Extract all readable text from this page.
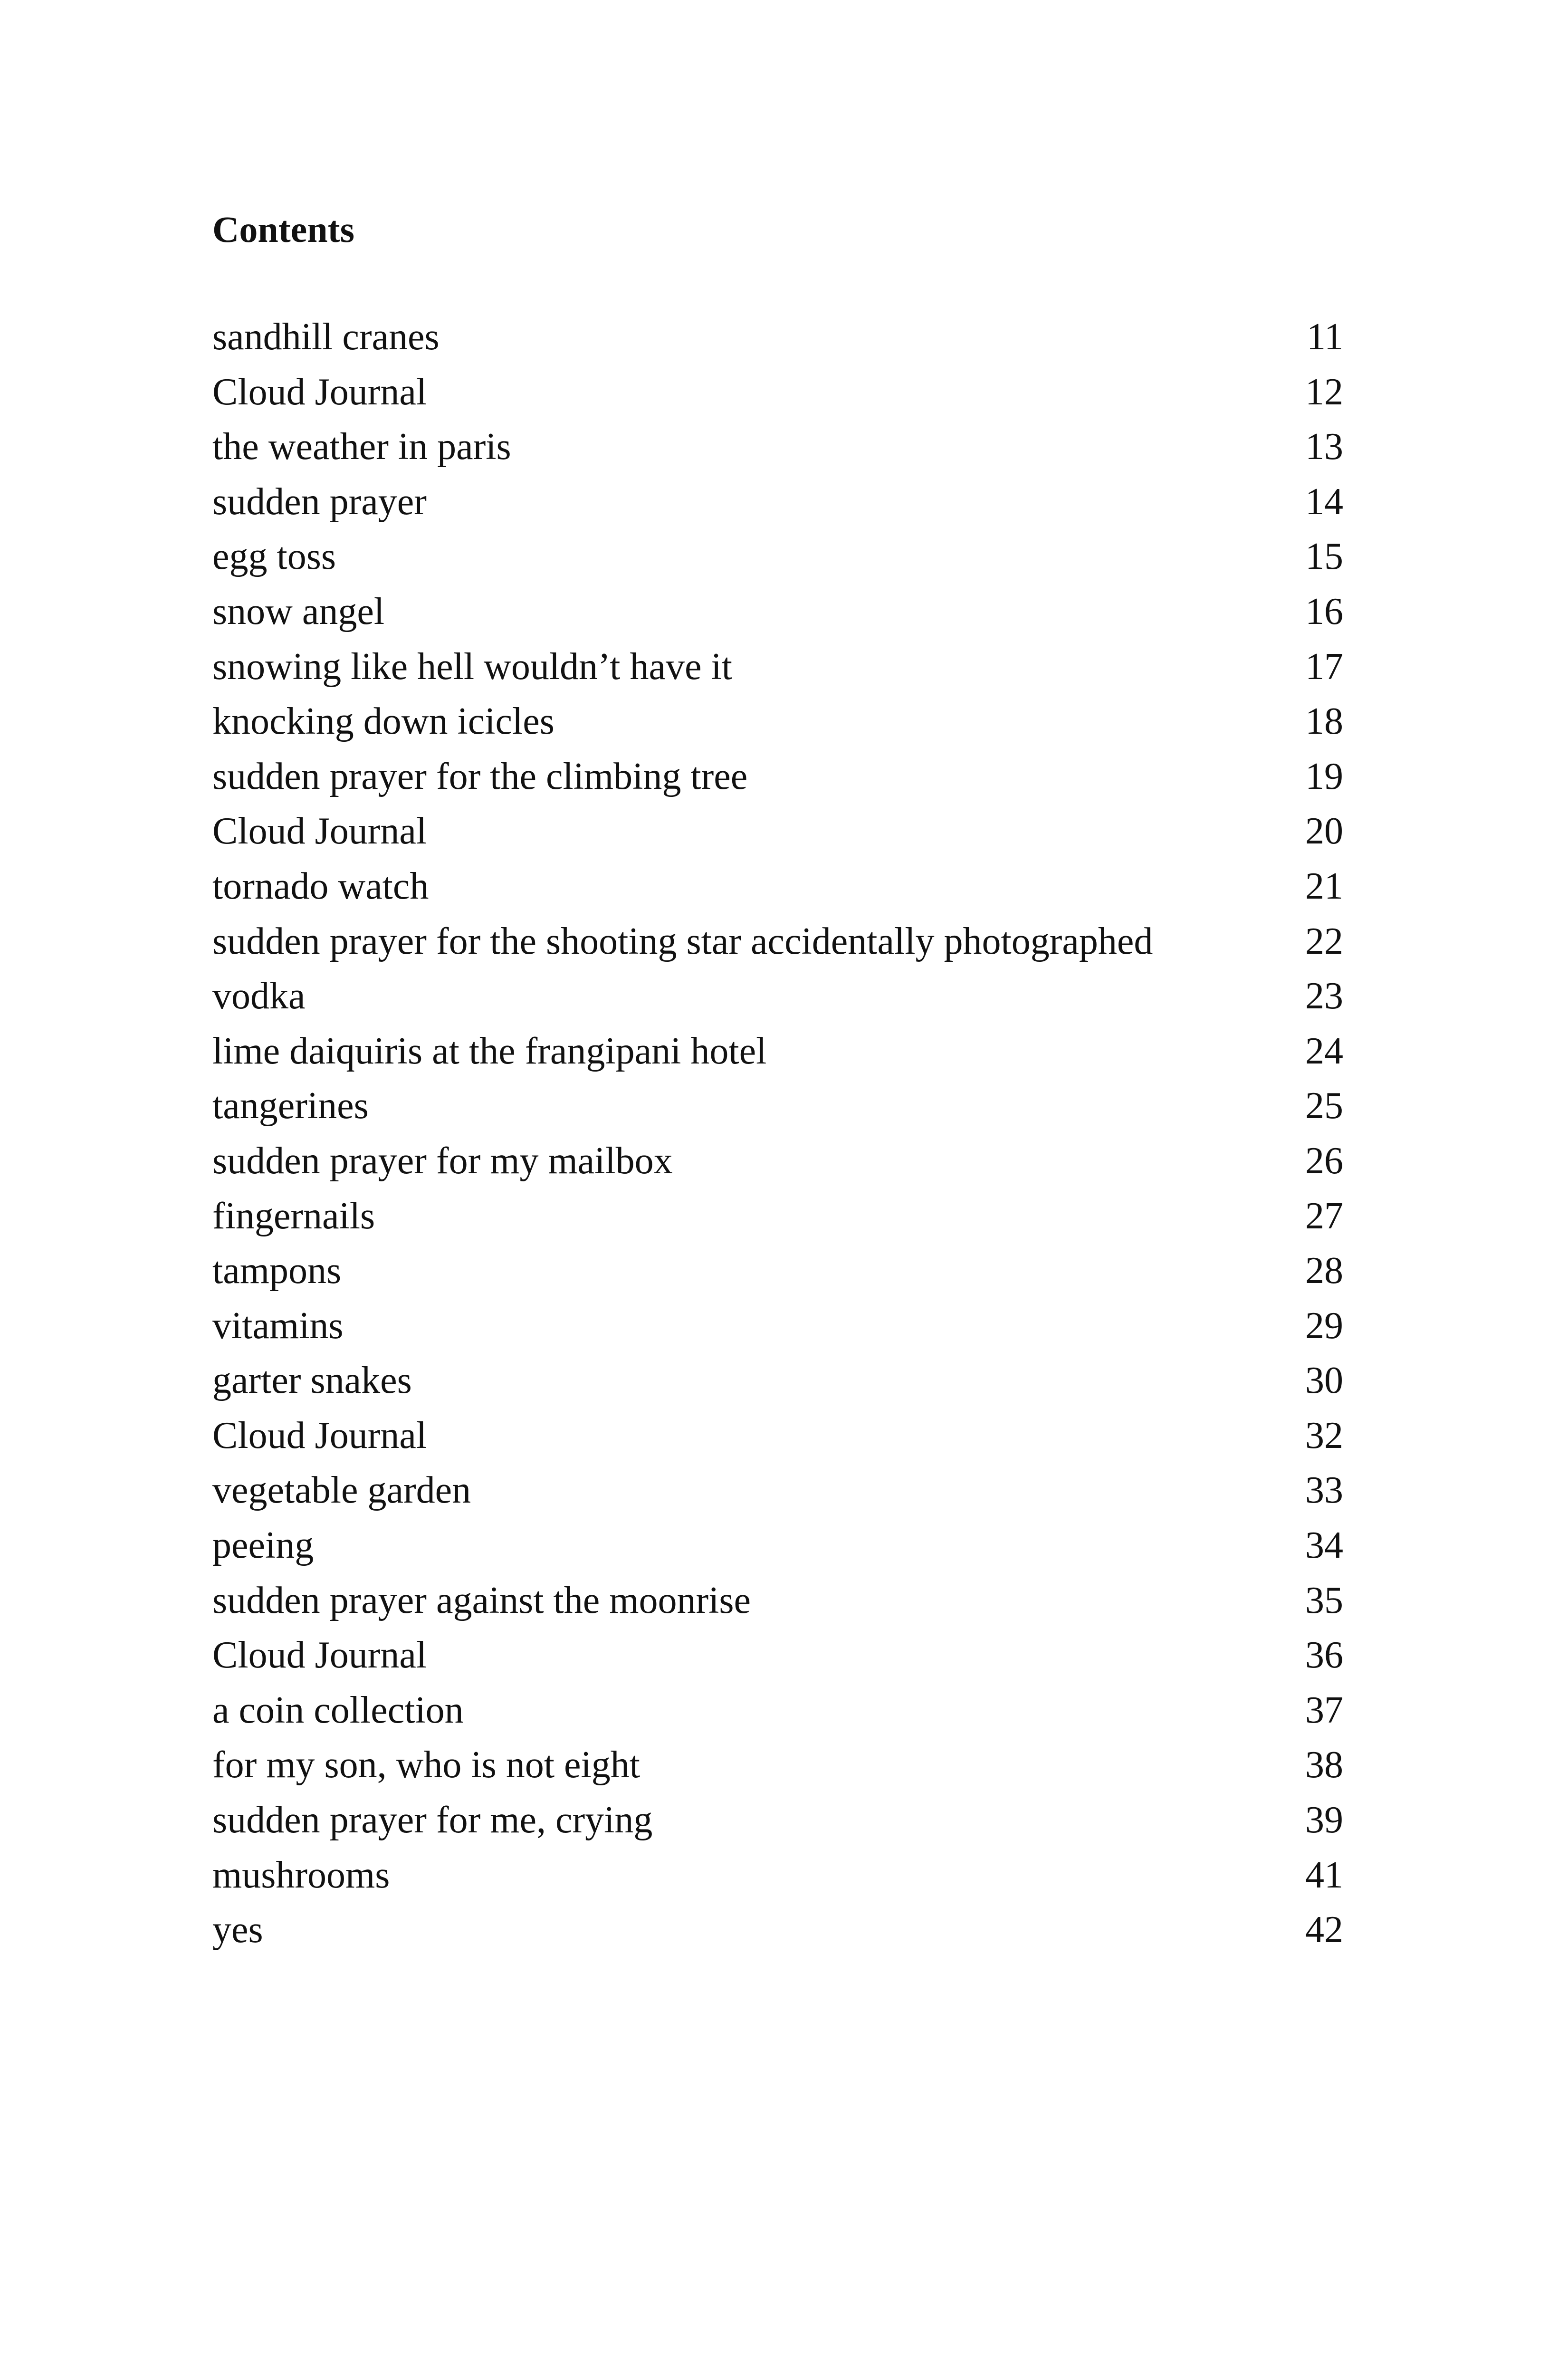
Contents
sandhill cranes	11
Cloud Journal	12
the weather in paris	13
sudden prayer	14
egg toss	15
snow angel	16
snowing like hell wouldn’t have it	17
knocking down icicles	18
sudden prayer for the climbing tree	19
Cloud Journal	20
tornado watch	21
sudden prayer for the shooting star accidentally photographed	22
vodka	23
lime daiquiris at the frangipani hotel	24
tangerines	25
sudden prayer for my mailbox	26
fingernails	27
tampons	28
vitamins	29
garter snakes	30
Cloud Journal	32
vegetable garden	33
peeing	34
sudden prayer against the moonrise	35
Cloud Journal	36
a coin collection	37
for my son, who is not eight	38
sudden prayer for me, crying	39
mushrooms	41
yes	42
